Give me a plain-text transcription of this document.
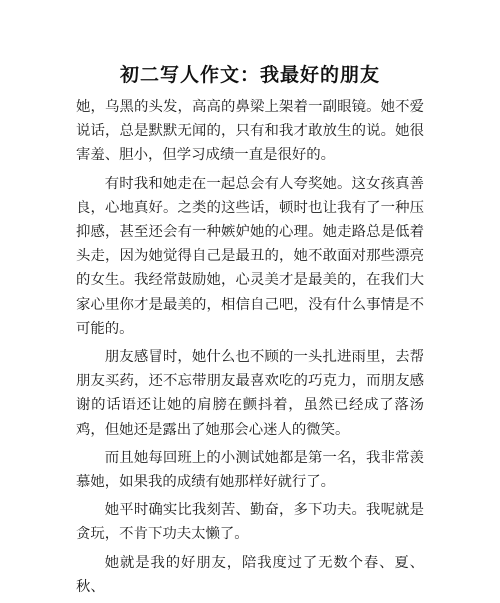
初二写人作文：我最好的朋友

她，乌黑的头发，高高的鼻梁上架着一副眼镜。她不爱说话，总是默默无闻的，只有和我才敢放生的说。她很害羞、胆小，但学习成绩一直是很好的。

有时我和她走在一起总会有人夸奖她。这女孩真善良，心地真好。之类的这些话，顿时也让我有了一种压抑感，甚至还会有一种嫉妒她的心理。她走路总是低着头走，因为她觉得自己是最丑的，她不敢面对那些漂亮的女生。我经常鼓励她，心灵美才是最美的，在我们大家心里你才是最美的，相信自己吧，没有什么事情是不可能的。

朋友感冒时，她什么也不顾的一头扎进雨里，去帮朋友买药，还不忘带朋友最喜欢吃的巧克力，而朋友感谢的话语还让她的肩膀在颤抖着，虽然已经成了落汤鸡，但她还是露出了她那会心迷人的微笑。

而且她每回班上的小测试她都是第一名，我非常羡慕她，如果我的成绩有她那样好就行了。

她平时确实比我刻苦、勤奋，多下功夫。我呢就是贪玩，不肯下功夫太懒了。

她就是我的好朋友，陪我度过了无数个春、夏、秋、
